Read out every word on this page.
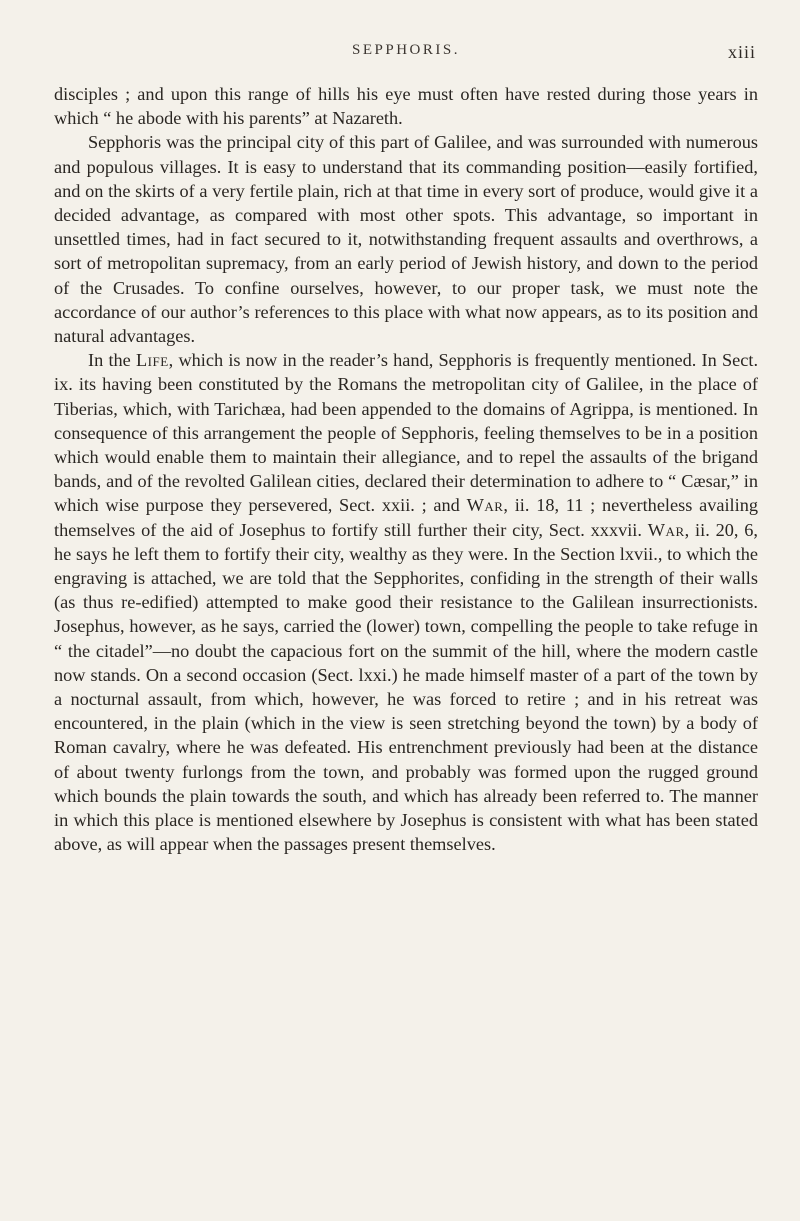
SEPPHORIS.	xiii

disciples ; and upon this range of hills his eye must often have rested during those years in which “ he abode with his parents” at Nazareth.

Sepphoris was the principal city of this part of Galilee, and was surrounded with numerous and populous villages. It is easy to understand that its commanding position—easily fortified, and on the skirts of a very fertile plain, rich at that time in every sort of produce, would give it a decided advantage, as compared with most other spots. This advantage, so important in unsettled times, had in fact secured to it, notwithstanding frequent assaults and overthrows, a sort of metropolitan supremacy, from an early period of Jewish history, and down to the period of the Crusades. To confine ourselves, however, to our proper task, we must note the accordance of our author’s references to this place with what now appears, as to its position and natural advantages.

In the Life, which is now in the reader’s hand, Sepphoris is frequently mentioned. In Sect. ix. its having been constituted by the Romans the metropolitan city of Galilee, in the place of Tiberias, which, with Tarichæa, had been appended to the domains of Agrippa, is mentioned. In consequence of this arrangement the people of Sepphoris, feeling themselves to be in a position which would enable them to maintain their allegiance, and to repel the assaults of the brigand bands, and of the revolted Galilean cities, declared their determination to adhere to “ Cæsar,” in which wise purpose they persevered, Sect. xxii. ; and War, ii. 18, 11 ; nevertheless availing themselves of the aid of Josephus to fortify still further their city, Sect. xxxvii. War, ii. 20, 6, he says he left them to fortify their city, wealthy as they were. In the Section lxvii., to which the engraving is attached, we are told that the Sepphorites, confiding in the strength of their walls (as thus re-edified) attempted to make good their resistance to the Galilean insurrectionists. Josephus, however, as he says, carried the (lower) town, compelling the people to take refuge in “ the citadel”—no doubt the capacious fort on the summit of the hill, where the modern castle now stands. On a second occasion (Sect. lxxi.) he made himself master of a part of the town by a nocturnal assault, from which, however, he was forced to retire ; and in his retreat was encountered, in the plain (which in the view is seen stretching beyond the town) by a body of Roman cavalry, where he was defeated. His entrenchment previously had been at the distance of about twenty furlongs from the town, and probably was formed upon the rugged ground which bounds the plain towards the south, and which has already been referred to. The manner in which this place is mentioned elsewhere by Josephus is consistent with what has been stated above, as will appear when the passages present themselves.
